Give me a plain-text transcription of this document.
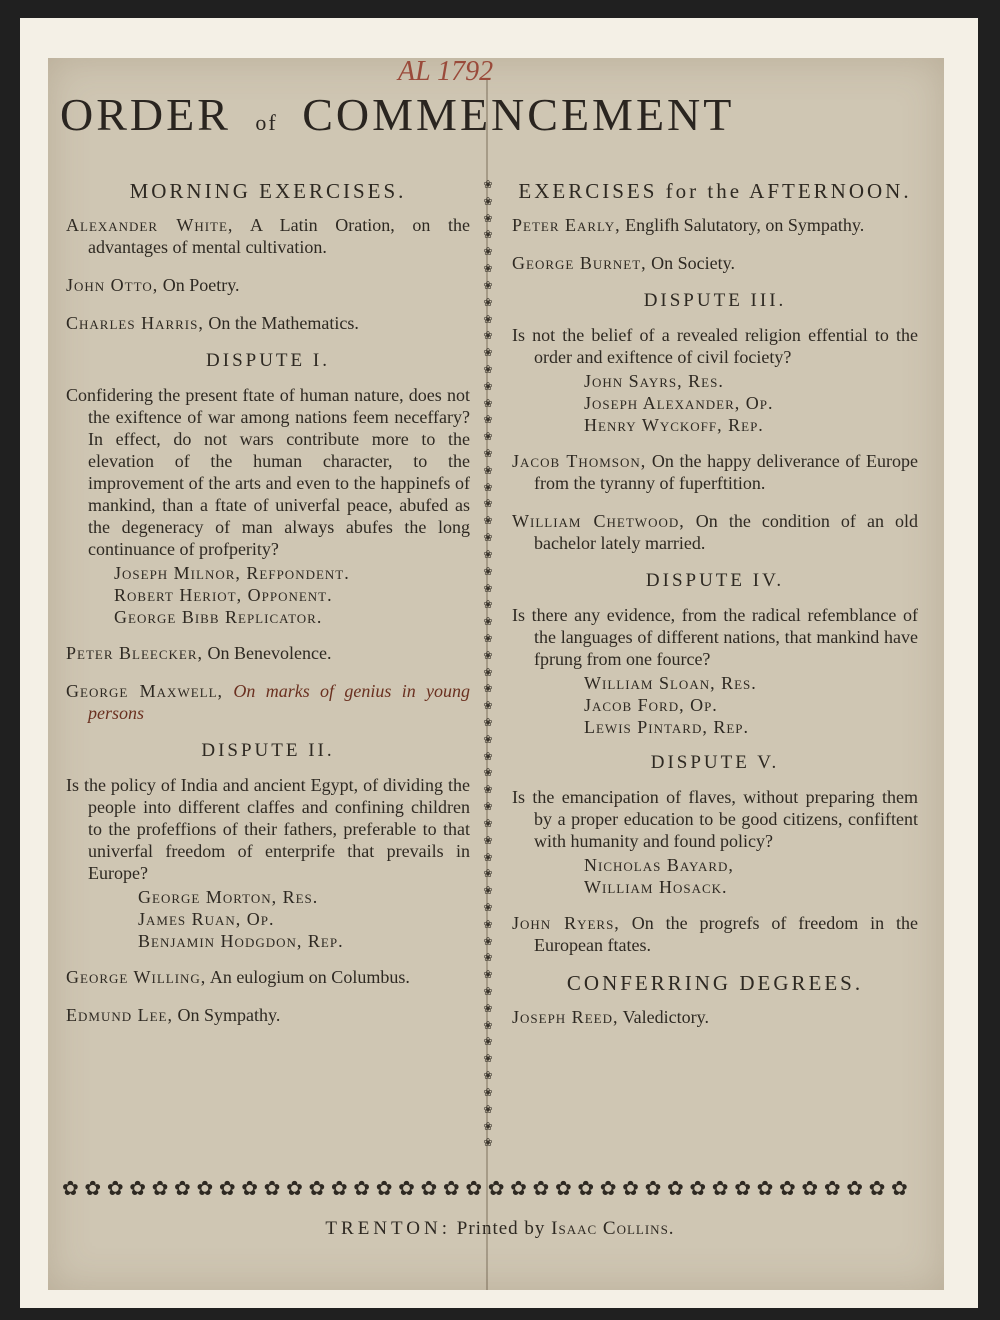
AL 1792
ORDER of COMMENCEMENT
❀
❀
❀
❀
❀
❀
❀
❀
❀
❀
❀
❀
❀
❀
❀
❀
❀
❀
❀
❀
❀
❀
❀
❀
❀
❀
❀
❀
❀
❀
❀
❀
❀
❀
❀
❀
❀
❀
❀
❀
❀
❀
❀
❀
❀
❀
❀
❀
❀
❀
❀
❀
❀
❀
❀
❀
❀
❀
MORNING EXERCISES.

Alexander White, A Latin Oration, on the advantages of mental cultivation.

John Otto, On Poetry.

Charles Harris, On the Mathematics.

DISPUTE I.

Confidering the present ftate of human nature, does not the exiftence of war among nations feem neceffary? In effect, do not wars contribute more to the elevation of the human character, to the improvement of the arts and even to the happinefs of mankind, than a ftate of univerfal peace, abufed as the degeneracy of man always abufes the long continuance of profperity?

Joseph Milnor, Refpondent.

Robert Heriot, Opponent.

George Bibb Replicator.

Peter Bleecker, On Benevolence.

George Maxwell, On marks of genius in young persons

DISPUTE II.

Is the policy of India and ancient Egypt, of dividing the people into different claffes and confining children to the profeffions of their fathers, preferable to that univerfal freedom of enterprife that prevails in Europe?

George Morton, Res.

James Ruan, Op.

Benjamin Hodgdon, Rep.

George Willing, An eulogium on Columbus.

Edmund Lee, On Sympathy.

EXERCISES for the AFTERNOON.

Peter Early, Englifh Salutatory, on Sympathy.

George Burnet, On Society.

DISPUTE III.

Is not the belief of a revealed religion effential to the order and exiftence of civil fociety?

John Sayrs, Res.

Joseph Alexander, Op.

Henry Wyckoff, Rep.

Jacob Thomson, On the happy deliverance of Europe from the tyranny of fuperftition.

William Chetwood, On the condition of an old bachelor lately married.

DISPUTE IV.

Is there any evidence, from the radical refemblance of the languages of different nations, that mankind have fprung from one fource?

William Sloan, Res.

Jacob Ford, Op.

Lewis Pintard, Rep.

DISPUTE V.

Is the emancipation of flaves, without preparing them by a proper education to be good citizens, confiftent with humanity and found policy?

Nicholas Bayard,

William Hosack.

John Ryers, On the progrefs of freedom in the European ftates.

CONFERRING DEGREES.

Joseph Reed, Valedictory.

✿ ✿ ✿ ✿ ✿ ✿ ✿ ✿ ✿ ✿ ✿ ✿ ✿ ✿ ✿ ✿ ✿ ✿ ✿ ✿ ✿ ✿ ✿ ✿ ✿ ✿ ✿ ✿ ✿ ✿ ✿ ✿ ✿ ✿ ✿ ✿ ✿ ✿
TRENTON: Printed by Isaac Collins.
